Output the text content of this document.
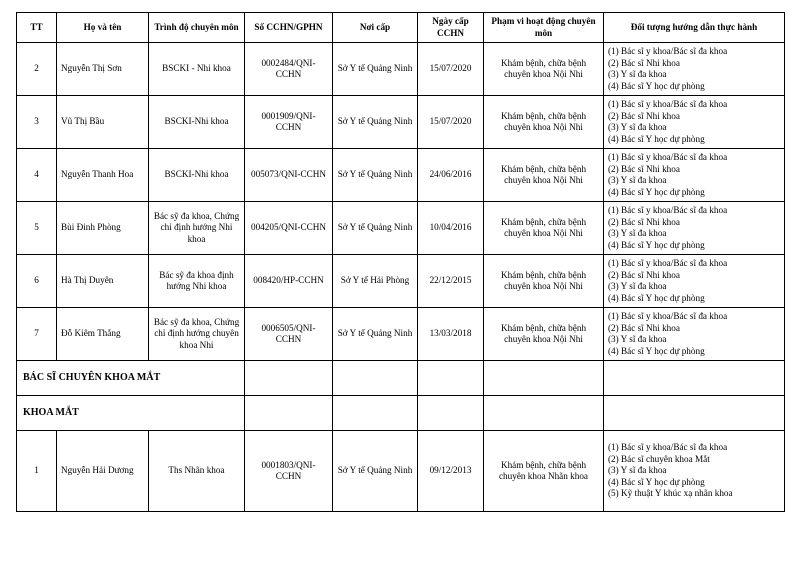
TT	Họ và tên	Trình độ chuyên môn	Số CCHN/GPHN	Nơi cấp	Ngày cấp CCHN	Phạm vi hoạt động chuyên môn	Đối tượng hướng dẫn thực hành
2	Nguyễn Thị Sơn	BSCKI - Nhi khoa	0002484/QNI-CCHN	Sở Y tế Quảng Ninh	15/07/2020	Khám bệnh, chữa bệnh chuyên khoa Nội Nhi	(1) Bác sĩ y khoa/Bác sĩ đa khoa
(2) Bác sĩ Nhi khoa
(3) Y sĩ đa khoa
(4) Bác sĩ Y học dự phòng

3	Vũ Thị Bầu	BSCKI-Nhi khoa	0001909/QNI-CCHN	Sở Y tế Quảng Ninh	15/07/2020	Khám bệnh, chữa bệnh chuyên khoa Nội Nhi	(1) Bác sĩ y khoa/Bác sĩ đa khoa
(2) Bác sĩ Nhi khoa
(3) Y sĩ đa khoa
(4) Bác sĩ Y học dự phòng

4	Nguyễn Thanh Hoa	BSCKI-Nhi khoa	005073/QNI-CCHN	Sở Y tế Quảng Ninh	24/06/2016	Khám bệnh, chữa bệnh chuyên khoa Nội Nhi	(1) Bác sĩ y khoa/Bác sĩ đa khoa
(2) Bác sĩ Nhi khoa
(3) Y sĩ đa khoa
(4) Bác sĩ Y học dự phòng

5	Bùi Đinh Phòng	Bác sỹ đa khoa, Chứng chỉ định hướng Nhi khoa	004205/QNI-CCHN	Sở Y tế Quảng Ninh	10/04/2016	Khám bệnh, chữa bệnh chuyên khoa Nội Nhi	(1) Bác sĩ y khoa/Bác sĩ đa khoa
(2) Bác sĩ Nhi khoa
(3) Y sĩ đa khoa
(4) Bác sĩ Y học dự phòng

6	Hà Thị Duyên	Bác sỹ đa khoa định hướng Nhi khoa	008420/HP-CCHN	Sở Y tế Hải Phòng	22/12/2015	Khám bệnh, chữa bệnh chuyên khoa Nội Nhi	(1) Bác sĩ y khoa/Bác sĩ đa khoa
(2) Bác sĩ Nhi khoa
(3) Y sĩ đa khoa
(4) Bác sĩ Y học dự phòng

7	Đỗ Kiêm Thắng	Bác sỹ đa khoa, Chứng chỉ định hướng chuyên khoa Nhi	0006505/QNI-CCHN	Sở Y tế Quảng Ninh	13/03/2018	Khám bệnh, chữa bệnh chuyên khoa Nội Nhi	(1) Bác sĩ y khoa/Bác sĩ đa khoa
(2) Bác sĩ Nhi khoa
(3) Y sĩ đa khoa
(4) Bác sĩ Y học dự phòng

BÁC SĨ CHUYÊN KHOA MẮT							
KHOA MẮT							
1	Nguyễn Hải Dương	Ths Nhãn khoa	0001803/QNI-CCHN	Sở Y tế Quảng Ninh	09/12/2013	Khám bệnh, chữa bệnh chuyên khoa Nhãn khoa	(1) Bác sĩ y khoa/Bác sĩ đa khoa
(2) Bác sĩ chuyên khoa Mắt
(3) Y sĩ đa khoa
(4) Bác sĩ Y học dự phòng
(5) Kỹ thuật Y khúc xạ nhãn khoa
